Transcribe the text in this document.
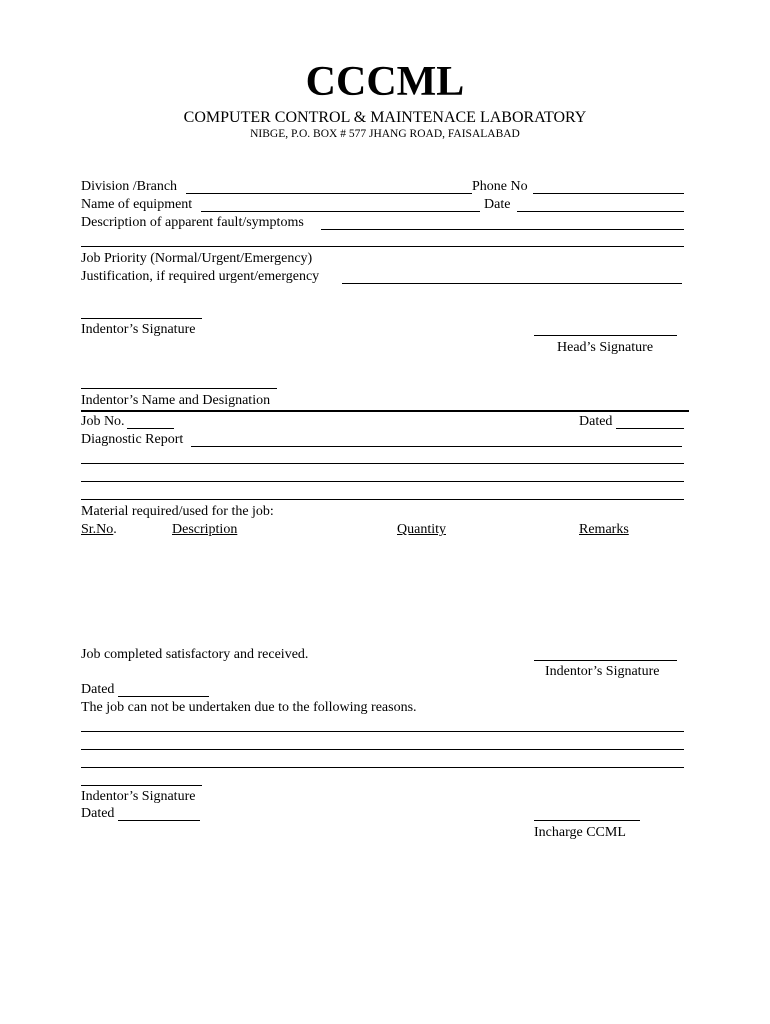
CCCML
COMPUTER CONTROL & MAINTENACE LABORATORY
NIBGE, P.O. BOX # 577 JHANG ROAD, FAISALABAD
Division /Branch	Phone No
Name of equipment	Date
Description of apparent fault/symptoms
Job Priority (Normal/Urgent/Emergency)
Justification, if required urgent/emergency
Indentor’s Signature
Head’s Signature
Indentor’s Name and Designation
Job No.	Dated
Diagnostic Report
Material required/used for the job:
Sr.No.	Description	Quantity	Remarks
Job completed satisfactory and received.
Indentor’s Signature
Dated
The job can not be undertaken due to the following reasons.
Indentor’s Signature
Dated
Incharge CCML
